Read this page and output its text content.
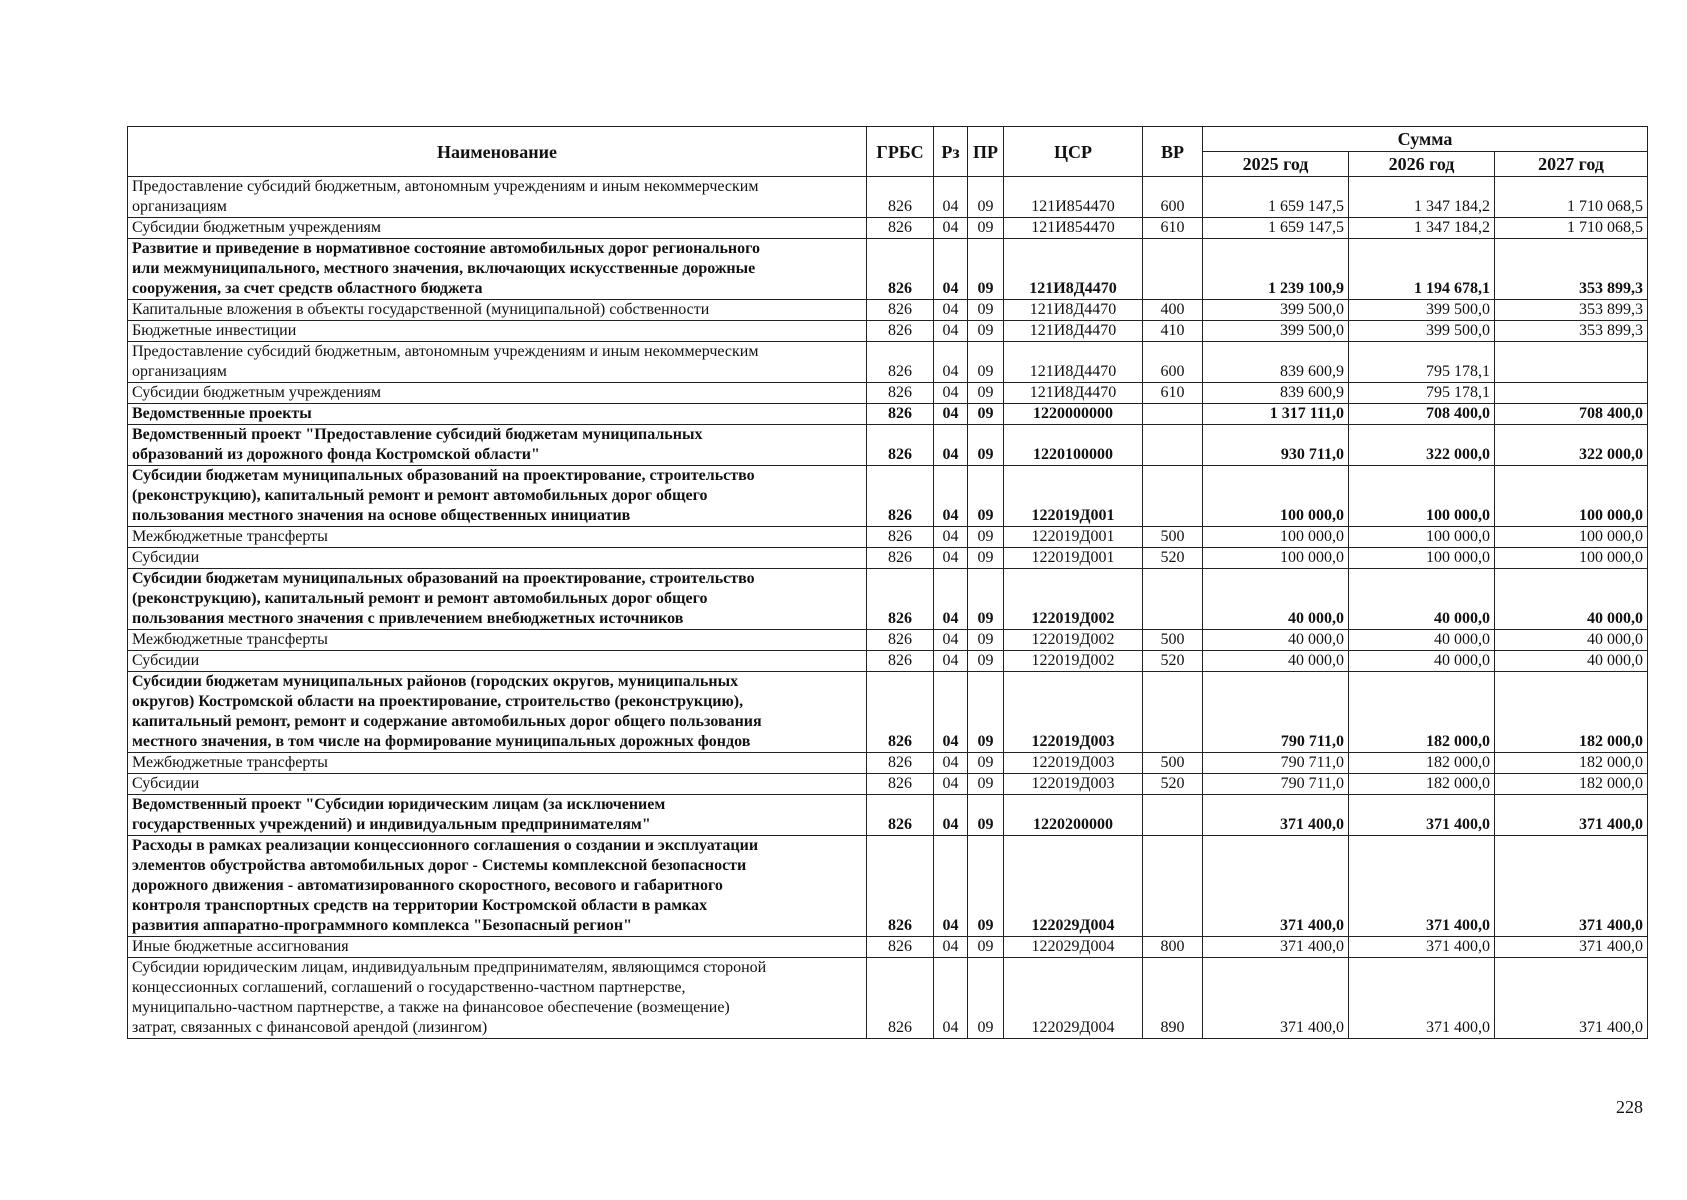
Наименование	ГРБС	Рз	ПР	ЦСР	ВР	Сумма		
						2025 год	2026 год	2027 год

Предоставление субсидий бюджетным, автономным учреждениям и иным некоммерческим
организациям	826	04	09	121И854470	600	1 659 147,5	1 347 184,2	1 710 068,5

Субсидии бюджетным учреждениям	826	04	09	121И854470	610	1 659 147,5	1 347 184,2	1 710 068,5

Развитие и приведение в нормативное состояние автомобильных дорог регионального
или межмуниципального, местного значения, включающих искусственные дорожные
сооружения, за счет средств областного бюджета	826	04	09	121И8Д4470		1 239 100,9	1 194 678,1	353 899,3

Капитальные вложения в объекты государственной (муниципальной) собственности	826	04	09	121И8Д4470	400	399 500,0	399 500,0	353 899,3

Бюджетные инвестиции	826	04	09	121И8Д4470	410	399 500,0	399 500,0	353 899,3

Предоставление субсидий бюджетным, автономным учреждениям и иным некоммерческим
организациям	826	04	09	121И8Д4470	600	839 600,9	795 178,1	

Субсидии бюджетным учреждениям	826	04	09	121И8Д4470	610	839 600,9	795 178,1	

Ведомственные проекты	826	04	09	1220000000		1 317 111,0	708 400,0	708 400,0

Ведомственный проект "Предоставление субсидий бюджетам муниципальных
образований из дорожного фонда Костромской области"	826	04	09	1220100000		930 711,0	322 000,0	322 000,0

Субсидии бюджетам муниципальных образований на проектирование, строительство
(реконструкцию), капитальный ремонт и ремонт автомобильных дорог общего
пользования местного значения на основе общественных инициатив	826	04	09	122019Д001		100 000,0	100 000,0	100 000,0

Межбюджетные трансферты	826	04	09	122019Д001	500	100 000,0	100 000,0	100 000,0

Субсидии	826	04	09	122019Д001	520	100 000,0	100 000,0	100 000,0

Субсидии бюджетам муниципальных образований на проектирование, строительство
(реконструкцию), капитальный ремонт и ремонт автомобильных дорог общего
пользования местного значения с привлечением внебюджетных источников	826	04	09	122019Д002		40 000,0	40 000,0	40 000,0

Межбюджетные трансферты	826	04	09	122019Д002	500	40 000,0	40 000,0	40 000,0

Субсидии	826	04	09	122019Д002	520	40 000,0	40 000,0	40 000,0

Субсидии бюджетам муниципальных районов (городских округов, муниципальных
округов) Костромской области на проектирование, строительство (реконструкцию),
капитальный ремонт, ремонт и содержание автомобильных дорог общего пользования
местного значения, в том числе на формирование муниципальных дорожных фондов	826	04	09	122019Д003		790 711,0	182 000,0	182 000,0

Межбюджетные трансферты	826	04	09	122019Д003	500	790 711,0	182 000,0	182 000,0

Субсидии	826	04	09	122019Д003	520	790 711,0	182 000,0	182 000,0

Ведомственный проект "Субсидии юридическим лицам (за исключением
государственных учреждений) и индивидуальным предпринимателям"	826	04	09	1220200000		371 400,0	371 400,0	371 400,0

Расходы в рамках реализации концессионного соглашения о создании и эксплуатации
элементов обустройства автомобильных дорог - Системы комплексной безопасности
дорожного движения - автоматизированного скоростного, весового и габаритного
контроля транспортных средств на территории Костромской области в рамках
развития аппаратно-программного комплекса "Безопасный регион"	826	04	09	122029Д004		371 400,0	371 400,0	371 400,0

Иные бюджетные ассигнования	826	04	09	122029Д004	800	371 400,0	371 400,0	371 400,0

Субсидии юридическим лицам, индивидуальным предпринимателям, являющимся стороной
концессионных соглашений, соглашений о государственно-частном партнерстве,
муниципально-частном партнерстве, а также на финансовое обеспечение (возмещение)
затрат, связанных с финансовой арендой (лизингом)	826	04	09	122029Д004	890	371 400,0	371 400,0	371 400,0
228
